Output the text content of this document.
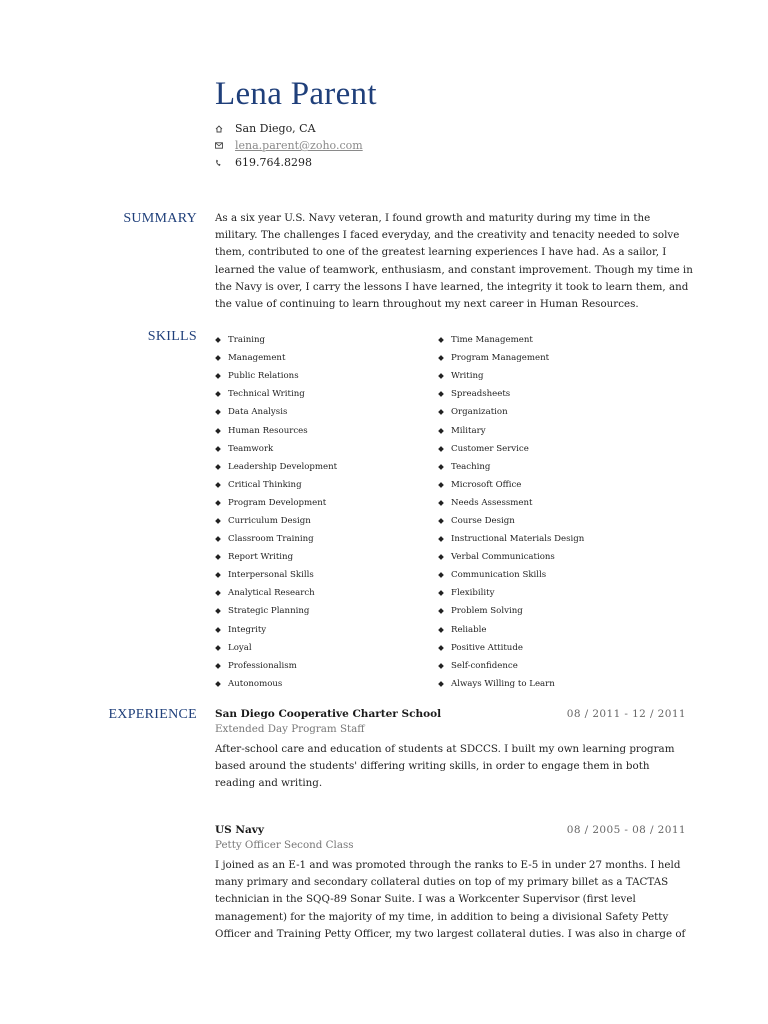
Lena Parent
San Diego, CA
lena.parent@zoho.com
619.764.8298
SUMMARY As a six year U.S. Navy veteran, I found growth and maturity during my time in the military. The challenges I faced everyday, and the creativity and tenacity needed to solve them, contributed to one of the greatest learning experiences I have had. As a sailor, I learned the value of teamwork, enthusiasm, and constant improvement. Though my time in the Navy is over, I carry the lessons I have learned, the integrity it took to learn them, and the value of continuing to learn throughout my next career in Human Resources.
SKILLS	Training
Management
Public Relations
Technical Writing
Data Analysis
Human Resources
Teamwork
Leadership Development
Critical Thinking
Program Development
Curriculum Design
Classroom Training
Report Writing
Interpersonal Skills
Analytical Research
Strategic Planning
Integrity
Loyal
Professionalism
Autonomous
Time Management
Program Management
Writing
Spreadsheets
Organization
Military
Customer Service
Teaching
Microsoft Office
Needs Assessment
Course Design
Instructional Materials Design
Verbal Communications
Communication Skills
Flexibility
Problem Solving
Reliable
Positive Attitude
Self-confidence
Always Willing to Learn
EXPERIENCE San Diego Cooperative Charter School	08 / 2011 - 12 / 2011
Extended Day Program Staff
After-school care and education of students at SDCCS. I built my own learning program based around the students' differing writing skills, in order to engage them in both reading and writing.
US Navy	08 / 2005 - 08 / 2011
Petty Officer Second Class
I joined as an E-1 and was promoted through the ranks to E-5 in under 27 months. I held many primary and secondary collateral duties on top of my primary billet as a TACTAS technician in the SQQ-89 Sonar Suite. I was a Workcenter Supervisor (first level management) for the majority of my time, in addition to being a divisional Safety Petty Officer and Training Petty Officer, my two largest collateral duties. I was also in charge of
